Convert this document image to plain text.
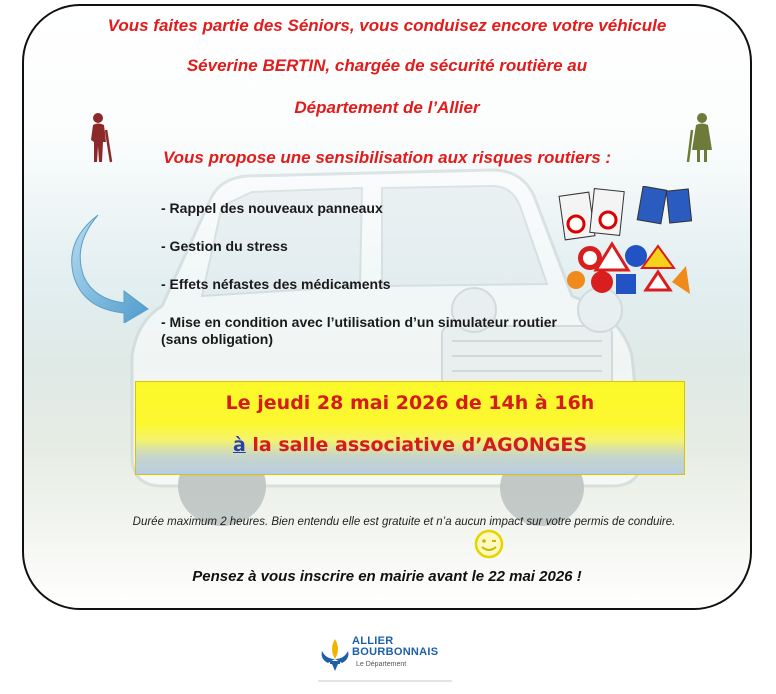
Vous faites partie des Séniors, vous conduisez encore votre véhicule

Séverine BERTIN, chargée de sécurité routière au

Département de l’Allier

Vous propose une sensibilisation aux risques routiers :

- Rappel des nouveaux panneaux
- Gestion du stress
- Effets néfastes des médicaments
- Mise en condition avec l’utilisation d’un simulateur routier (sans obligation)

Le jeudi 28 mai 2026 de 14h à 16h

à la salle associative d’AGONGES

Durée maximum 2 heures. Bien entendu elle est gratuite et n’a aucun impact sur votre permis de conduire.

Pensez à vous inscrire en mairie avant le 22 mai 2026 !

ALLIER
BOURBONNAIS
Le Département
